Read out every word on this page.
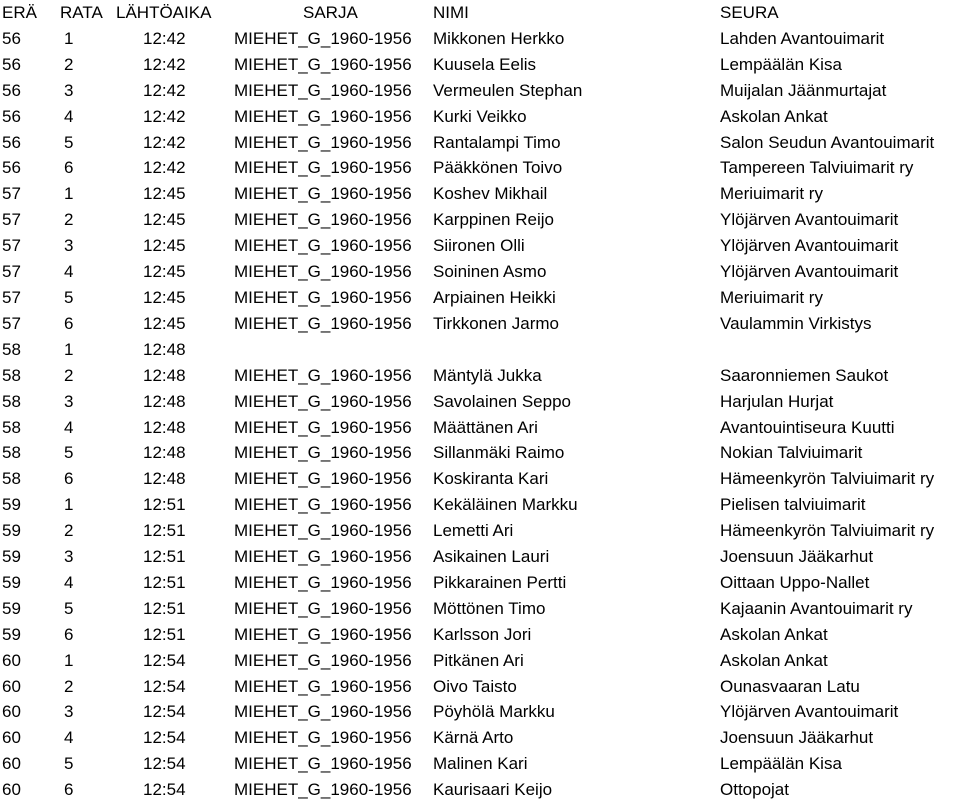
ERÄ	RATA	LÄHTÖAIKA	SARJA	NIMI	SEURA
56	1	12:42	MIEHET_G_1960-1956	Mikkonen Herkko	Lahden Avantouimarit
56	2	12:42	MIEHET_G_1960-1956	Kuusela Eelis	Lempäälän Kisa
56	3	12:42	MIEHET_G_1960-1956	Vermeulen Stephan	Muijalan Jäänmurtajat
56	4	12:42	MIEHET_G_1960-1956	Kurki Veikko	Askolan Ankat
56	5	12:42	MIEHET_G_1960-1956	Rantalampi Timo	Salon Seudun Avantouimarit
56	6	12:42	MIEHET_G_1960-1956	Pääkkönen Toivo	Tampereen Talviuimarit ry
57	1	12:45	MIEHET_G_1960-1956	Koshev Mikhail	Meriuimarit ry
57	2	12:45	MIEHET_G_1960-1956	Karppinen Reijo	Ylöjärven Avantouimarit
57	3	12:45	MIEHET_G_1960-1956	Siironen Olli	Ylöjärven Avantouimarit
57	4	12:45	MIEHET_G_1960-1956	Soininen Asmo	Ylöjärven Avantouimarit
57	5	12:45	MIEHET_G_1960-1956	Arpiainen Heikki	Meriuimarit ry
57	6	12:45	MIEHET_G_1960-1956	Tirkkonen Jarmo	Vaulammin Virkistys
58	1	12:48			
58	2	12:48	MIEHET_G_1960-1956	Mäntylä Jukka	Saaronniemen Saukot
58	3	12:48	MIEHET_G_1960-1956	Savolainen Seppo	Harjulan Hurjat
58	4	12:48	MIEHET_G_1960-1956	Määttänen Ari	Avantouintiseura Kuutti
58	5	12:48	MIEHET_G_1960-1956	Sillanmäki Raimo	Nokian Talviuimarit
58	6	12:48	MIEHET_G_1960-1956	Koskiranta Kari	Hämeenkyrön Talviuimarit ry
59	1	12:51	MIEHET_G_1960-1956	Kekäläinen Markku	Pielisen talviuimarit
59	2	12:51	MIEHET_G_1960-1956	Lemetti Ari	Hämeenkyrön Talviuimarit ry
59	3	12:51	MIEHET_G_1960-1956	Asikainen Lauri	Joensuun Jääkarhut
59	4	12:51	MIEHET_G_1960-1956	Pikkarainen Pertti	Oittaan Uppo-Nallet
59	5	12:51	MIEHET_G_1960-1956	Möttönen Timo	Kajaanin Avantouimarit ry
59	6	12:51	MIEHET_G_1960-1956	Karlsson Jori	Askolan Ankat
60	1	12:54	MIEHET_G_1960-1956	Pitkänen Ari	Askolan Ankat
60	2	12:54	MIEHET_G_1960-1956	Oivo Taisto	Ounasvaaran Latu
60	3	12:54	MIEHET_G_1960-1956	Pöyhölä Markku	Ylöjärven Avantouimarit
60	4	12:54	MIEHET_G_1960-1956	Kärnä Arto	Joensuun Jääkarhut
60	5	12:54	MIEHET_G_1960-1956	Malinen Kari	Lempäälän Kisa
60	6	12:54	MIEHET_G_1960-1956	Kaurisaari Keijo	Ottopojat
